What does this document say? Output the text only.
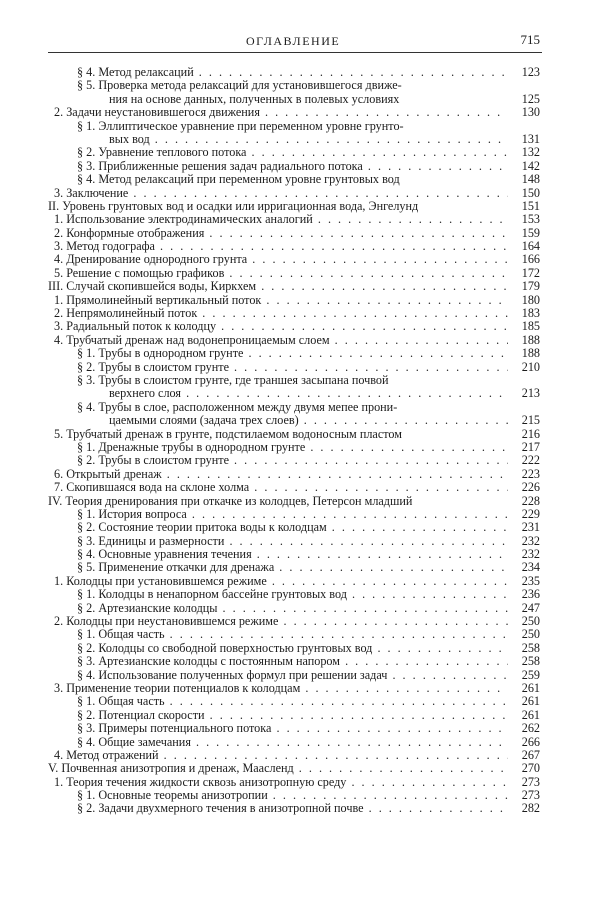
ОГЛАВЛЕНИЕ	715
§ 4. Метод релаксаций . . .	123
§ 5. Проверка метода релаксаций для установившегося движе-
ния на основе данных, полученных в полевых условиях	125
2. Задачи неустановившегося движения . . .	130
§ 1. Эллиптическое уравнение при переменном уровне грунто-
вых вод . . .	131
§ 2. Уравнение теплового потока . . .	132
§ 3. Приближенные решения задач радиального потока . . .	142
§ 4. Метод релаксаций при переменном уровне грунтовых вод	148
3. Заключение . . .	150
II. Уровень грунтовых вод и осадки или ирригационная вода, Энгелунд	151
1. Использование электродинамических аналогий . . .	153
2. Конформные отображения . . .	159
3. Метод годографа . . .	164
4. Дренирование однородного грунта . . .	166
5. Решение с помощью графиков . . .	172
III. Случай скопившейся воды, Киркхем . . .	179
1. Прямолинейный вертикальный поток . . .	180
2. Непрямолинейный поток . . .	183
3. Радиальный поток к колодцу . . .	185
4. Трубчатый дренаж над водонепроницаемым слоем . . .	188
§ 1. Трубы в однородном грунте . . .	188
§ 2. Трубы в слоистом грунте . . .	210
§ 3. Трубы в слоистом грунте, где траншея засыпана почвой
верхнего слоя . . .	213
§ 4. Трубы в слое, расположенном между двумя мепее прони-
цаемыми слоями (задача трех слоев) . . .	215
5. Трубчатый дренаж в грунте, подстилаемом водоносным пластом	216
§ 1. Дренажные трубы в однородном грунте . . .	217
§ 2. Трубы в слоистом грунте . . .	222
6. Открытый дренаж . . .	223
7. Скопившаяся вода на склоне холма . . .	226
IV. Теория дренирования при откачке из колодцев, Петерсон младший	228
§ 1. История вопроса . . .	229
§ 2. Состояние теории притока воды к колодцам . . .	231
§ 3. Единицы и размерности . . .	232
§ 4. Основные уравнения течения . . .	232
§ 5. Применение откачки для дренажа . . .	234
1. Колодцы при установившемся режиме . . .	235
§ 1. Колодцы в ненапорном бассейне грунтовых вод . . .	236
§ 2. Артезианские колодцы . . .	247
2. Колодцы при неустановившемся режиме . . .	250
§ 1. Общая часть . . .	250
§ 2. Колодцы со свободной поверхностью грунтовых вод . . .	258
§ 3. Артезианские колодцы с постоянным напором . . .	258
§ 4. Использование полученных формул при решении задач . . .	259
3. Применение теории потенциалов к колодцам . . .	261
§ 1. Общая часть . . .	261
§ 2. Потенциал скорости . . .	261
§ 3. Примеры потенциального потока . . .	262
§ 4. Общие замечания . . .	266
4. Метод отражений . . .	267
V. Почвенная анизотропия и дренаж, Маасленд . . .	270
1. Теория течения жидкости сквозь анизотропную среду . . .	273
§ 1. Основные теоремы анизотропии . . .	273
§ 2. Задачи двухмерного течения в анизотропной почве . . .	282
